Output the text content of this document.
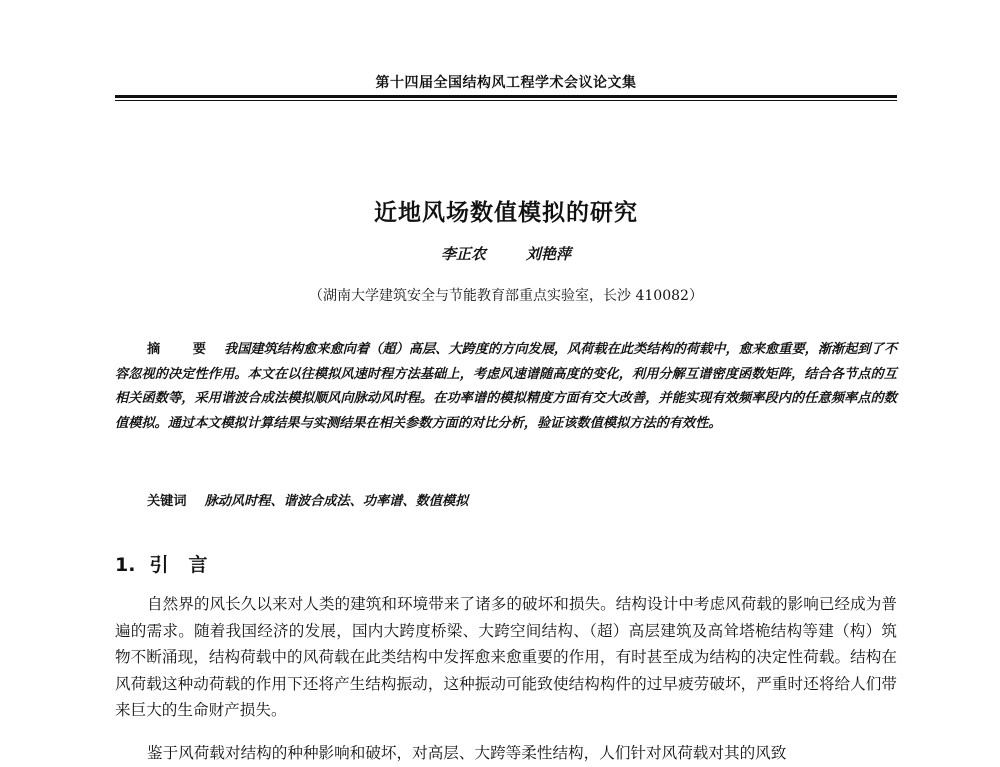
第十四届全国结构风工程学术会议论文集
近地风场数值模拟的研究
李正农	刘艳萍
（湖南大学建筑安全与节能教育部重点实验室，长沙 410082）
摘 要 我国建筑结构愈来愈向着（超）高层、大跨度的方向发展，风荷载在此类结构的荷载中，愈来愈重要，渐渐起到了不容忽视的决定性作用。本文在以往模拟风速时程方法基础上，考虑风速谱随高度的变化，利用分解互谱密度函数矩阵，结合各节点的互相关函数等，采用谐波合成法模拟顺风向脉动风时程。在功率谱的模拟精度方面有交大改善，并能实现有效频率段内的任意频率点的数值模拟。通过本文模拟计算结果与实测结果在相关参数方面的对比分析，验证该数值模拟方法的有效性。
关键词 脉动风时程、谐波合成法、功率谱、数值模拟
1. 引言
自然界的风长久以来对人类的建筑和环境带来了诸多的破坏和损失。结构设计中考虑风荷载的影响已经成为普遍的需求。随着我国经济的发展，国内大跨度桥梁、大跨空间结构、（超）高层建筑及高耸塔桅结构等建（构）筑物不断涌现，结构荷载中的风荷载在此类结构中发挥愈来愈重要的作用，有时甚至成为结构的决定性荷载。结构在风荷载这种动荷载的作用下还将产生结构振动，这种振动可能致使结构构件的过早疲劳破坏，严重时还将给人们带来巨大的生命财产损失。
鉴于风荷载对结构的种种影响和破坏，对高层、大跨等柔性结构，人们针对风荷载对其的风致
